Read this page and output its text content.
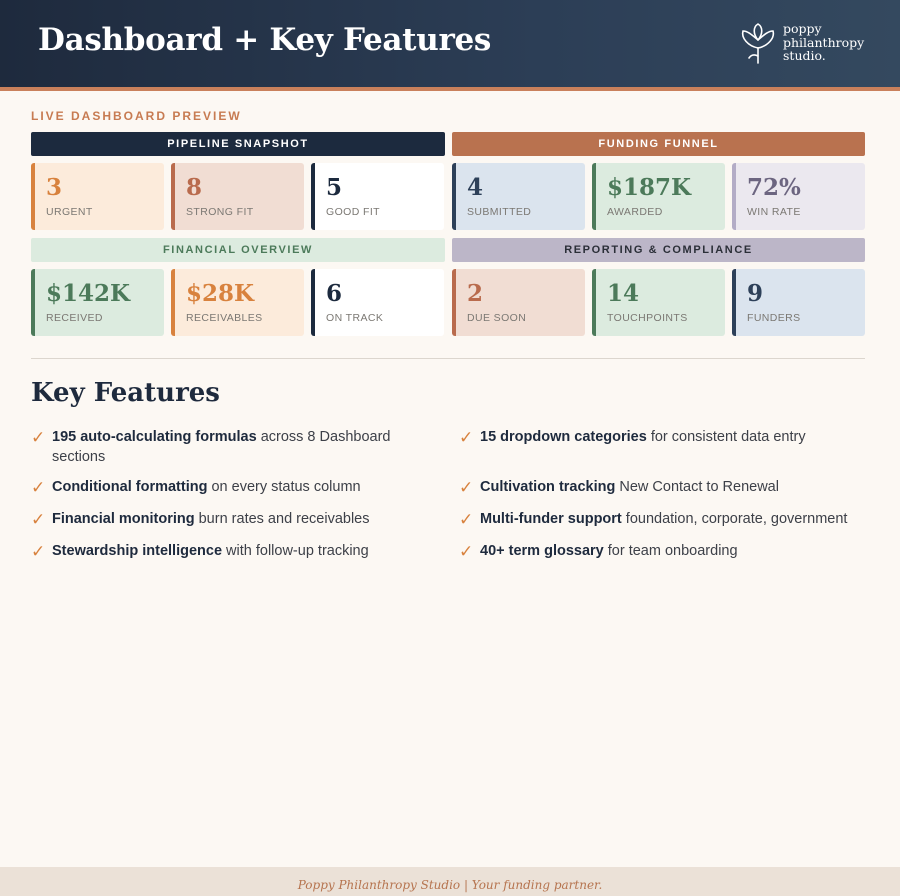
Dashboard + Key Features	poppy
philanthropy
studio.
LIVE DASHBOARD PREVIEW
PIPELINE SNAPSHOT	FUNDING FUNNEL
3
URGENT
8
STRONG FIT
5
GOOD FIT
4
SUBMITTED
$187K
AWARDED
72%
WIN RATE
FINANCIAL OVERVIEW	REPORTING & COMPLIANCE
$142K
RECEIVED
$28K
RECEIVABLES
6
ON TRACK
2
DUE SOON
14
TOUCHPOINTS
9
FUNDERS
Key Features
✓ 195 auto-calculating formulas across 8 Dashboard sections
✓ 15 dropdown categories for consistent data entry
✓ Conditional formatting on every status column	✓ Cultivation tracking New Contact to Renewal
✓ Financial monitoring burn rates and receivables	✓ Multi-funder support foundation, corporate, government
✓ Stewardship intelligence with follow-up tracking	✓ 40+ term glossary for team onboarding
Poppy Philanthropy Studio | Your funding partner.
